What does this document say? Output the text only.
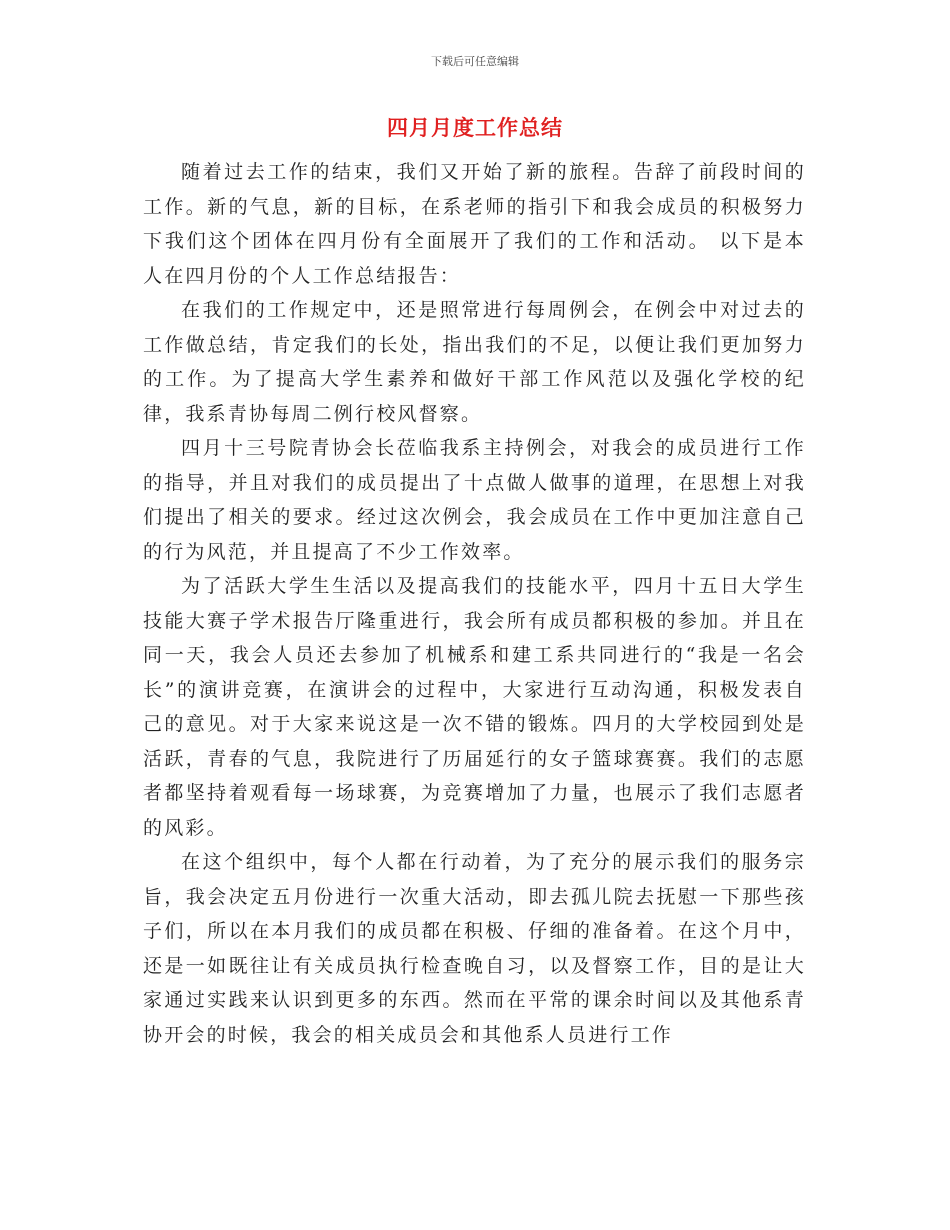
下载后可任意编辑
四月月度工作总结

随着过去工作的结束，我们又开始了新的旅程。告辞了前段时间的工作。新的气息，新的目标，在系老师的指引下和我会成员的积极努力下我们这个团体在四月份有全面展开了我们的工作和活动。 以下是本人在四月份的个人工作总结报告：

在我们的工作规定中，还是照常进行每周例会，在例会中对过去的工作做总结，肯定我们的长处，指出我们的不足，以便让我们更加努力的工作。为了提高大学生素养和做好干部工作风范以及强化学校的纪律，我系青协每周二例行校风督察。

四月十三号院青协会长莅临我系主持例会，对我会的成员进行工作的指导，并且对我们的成员提出了十点做人做事的道理，在思想上对我们提出了相关的要求。经过这次例会，我会成员在工作中更加注意自己的行为风范，并且提高了不少工作效率。

为了活跃大学生生活以及提高我们的技能水平，四月十五日大学生技能大赛子学术报告厅隆重进行，我会所有成员都积极的参加。并且在同一天，我会人员还去参加了机械系和建工系共同进行的“我是一名会长”的演讲竞赛，在演讲会的过程中，大家进行互动沟通，积极发表自己的意见。对于大家来说这是一次不错的锻炼。四月的大学校园到处是活跃，青春的气息，我院进行了历届延行的女子篮球赛赛。我们的志愿者都坚持着观看每一场球赛，为竞赛增加了力量，也展示了我们志愿者的风彩。

在这个组织中，每个人都在行动着，为了充分的展示我们的服务宗旨，我会决定五月份进行一次重大活动，即去孤儿院去抚慰一下那些孩子们，所以在本月我们的成员都在积极、仔细的准备着。在这个月中，还是一如既往让有关成员执行检查晚自习，以及督察工作，目的是让大家通过实践来认识到更多的东西。然而在平常的课余时间以及其他系青协开会的时候，我会的相关成员会和其他系人员进行工作
